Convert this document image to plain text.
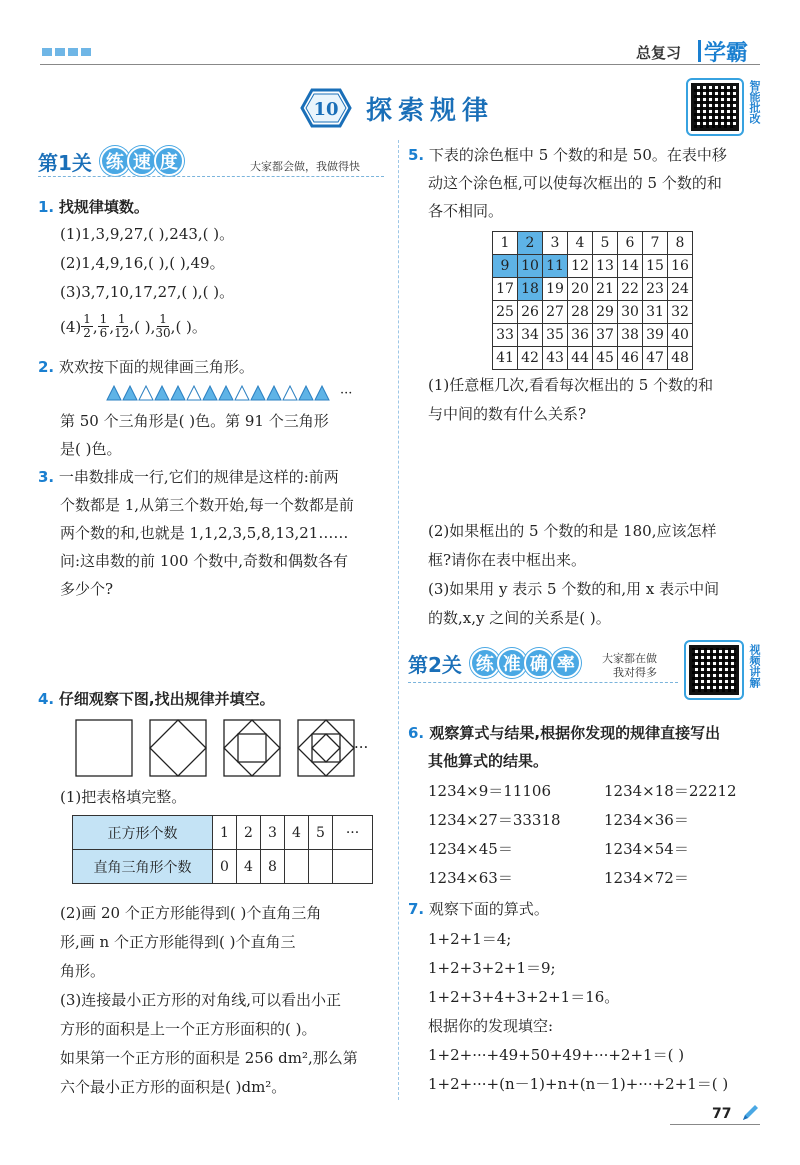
总复习 学霸
10 探索规律	智能批改
第1关 练 速 度	大家都会做，我做得快
1. 找规律填数。
(1)1,3,9,27,( ),243,( )。
(2)1,4,9,16,( ),( ),49。
(3)3,7,10,17,27,( ),( )。
(4) 1
2 , 1
6 , 1
12 ,( ), 1
30 ,( )。
2. 欢欢按下面的规律画三角形。
···
第 50 个三角形是( )色。第 91 个三角形
是( )色。
3. 一串数排成一行,它们的规律是这样的:前两
个数都是 1,从第三个数开始,每一个数都是前
两个数的和,也就是 1,1,2,3,5,8,13,21……
问:这串数的前 100 个数中,奇数和偶数各有
多少个?
4. 仔细观察下图,找出规律并填空。
···
(1)把表格填完整。
正方形个数	1	2	3	4	5	···
直角三角形个数	0	4	8			
(2)画 20 个正方形能得到( )个直角三角
形,画 n 个正方形能得到( )个直角三
角形。
(3)连接最小正方形的对角线,可以看出小正
方形的面积是上一个正方形面积的( )。
如果第一个正方形的面积是 256 dm²,那么第
六个最小正方形的面积是( )dm²。
5. 下表的涂色框中 5 个数的和是 50。在表中移
动这个涂色框,可以使每次框出的 5 个数的和
各不相同。
1	2	3	4	5	6	7	8
9	10	11	12	13	14	15	16
17	18	19	20	21	22	23	24
25	26	27	28	29	30	31	32
33	34	35	36	37	38	39	40
41	42	43	44	45	46	47	48
(1)任意框几次,看看每次框出的 5 个数的和
与中间的数有什么关系?
(2)如果框出的 5 个数的和是 180,应该怎样
框?请你在表中框出来。
(3)如果用 y 表示 5 个数的和,用 x 表示中间
的数,x,y 之间的关系是( )。
第2关 练 准 确 率	大家都在做
我对得多	视频讲解
6. 观察算式与结果,根据你发现的规律直接写出
其他算式的结果。
1234×9＝11106	1234×18＝22212
1234×27＝33318	1234×36＝
1234×45＝	1234×54＝
1234×63＝	1234×72＝
7. 观察下面的算式。
1+2+1＝4;
1+2+3+2+1＝9;
1+2+3+4+3+2+1＝16。
根据你的发现填空:
1+2+···+49+50+49+···+2+1＝( )
1+2+···+(n－1)+n+(n－1)+···+2+1＝( )
77
